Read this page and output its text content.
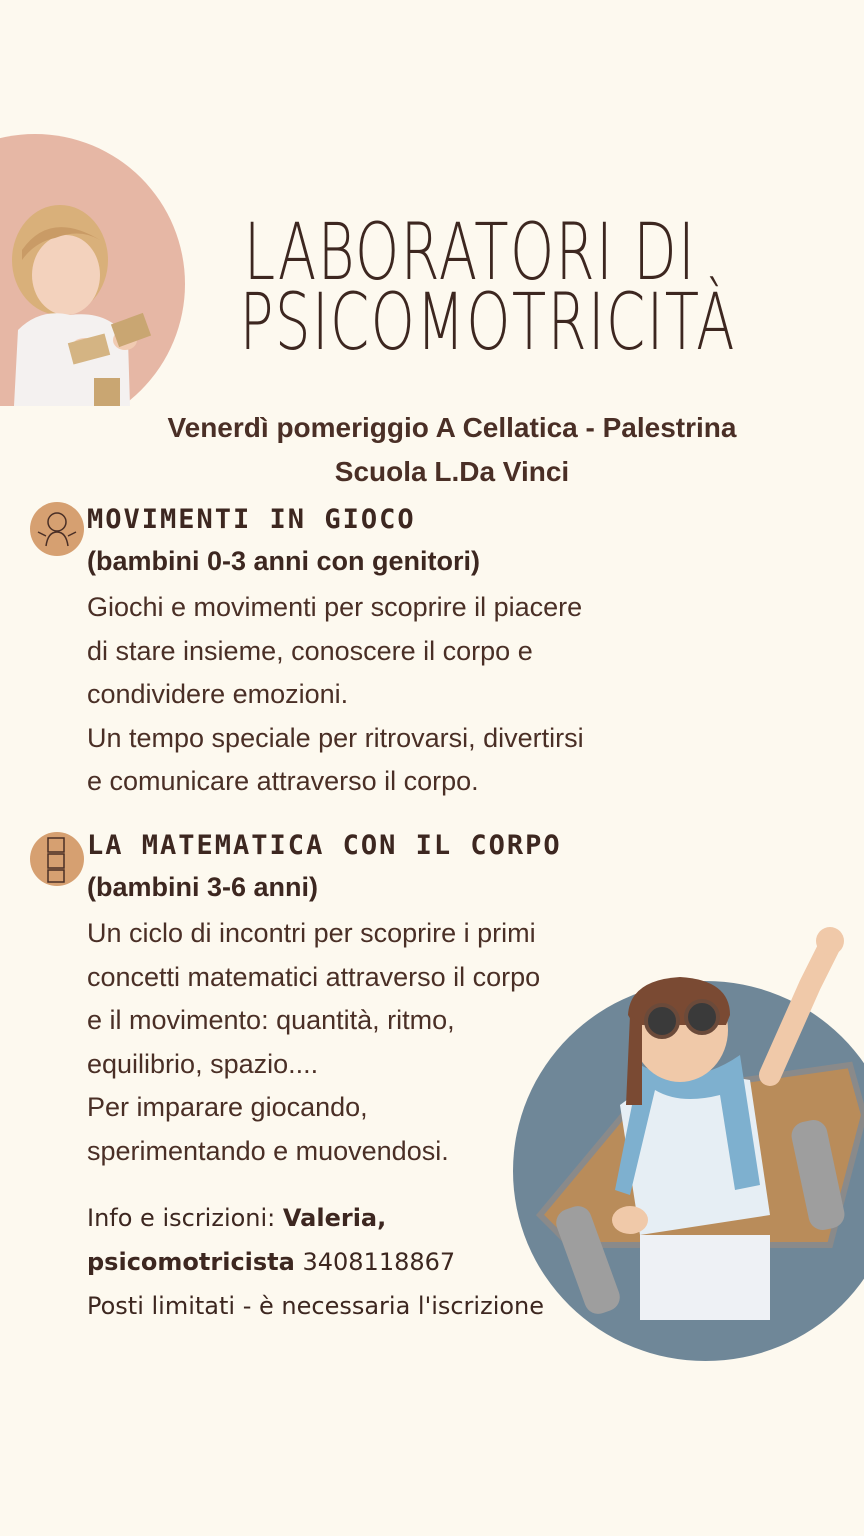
LABORATORI DI
PSICOMOTRICITÀ
Venerdì pomeriggio A Cellatica - Palestrina
Scuola L.Da Vinci
MOVIMENTI IN GIOCO
(bambini 0-3 anni con genitori)
Giochi e movimenti per scoprire il piacere
di stare insieme, conoscere il corpo e
condividere emozioni.
Un tempo speciale per ritrovarsi, divertirsi
e comunicare attraverso il corpo.
LA MATEMATICA CON IL CORPO
(bambini 3-6 anni)
Un ciclo di incontri per scoprire i primi
concetti matematici attraverso il corpo
e il movimento: quantità, ritmo,
equilibrio, spazio....
Per imparare giocando,
sperimentando e muovendosi.
Info e iscrizioni: Valeria,
psicomotricista 3408118867
Posti limitati - è necessaria l'iscrizione
